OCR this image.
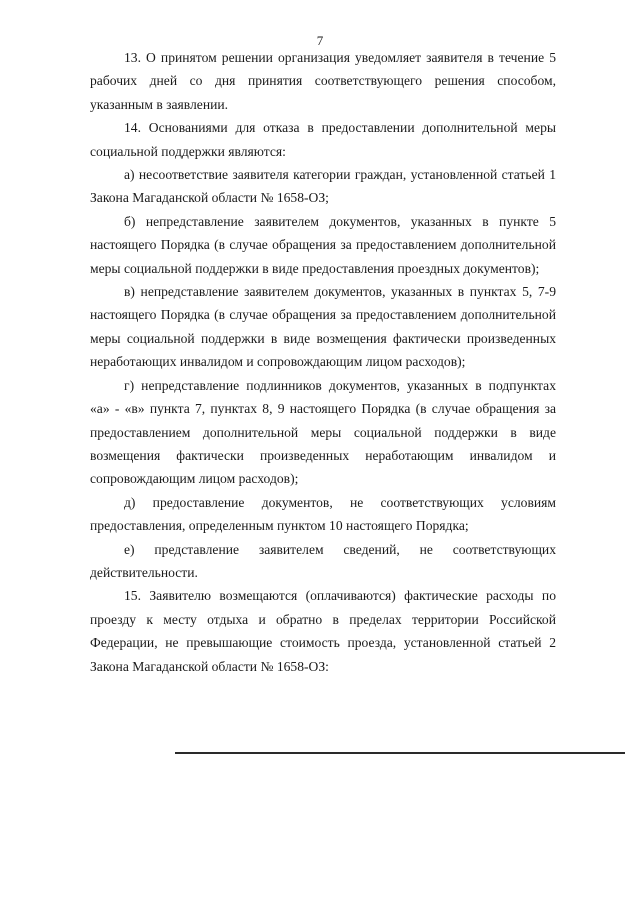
7

13. О принятом решении организация уведомляет заявителя в течение 5 рабочих дней со дня принятия соответствующего решения способом, указанным в заявлении.

14. Основаниями для отказа в предоставлении дополнительной меры социальной поддержки являются:

а) несоответствие заявителя категории граждан, установленной статьей 1 Закона Магаданской области № 1658-ОЗ;

б) непредставление заявителем документов, указанных в пункте 5 настоящего Порядка (в случае обращения за предоставлением дополнительной меры социальной поддержки в виде предоставления проездных документов);

в) непредставление заявителем документов, указанных в пунктах 5, 7-9 настоящего Порядка (в случае обращения за предоставлением дополнительной меры социальной поддержки в виде возмещения фактически произведенных неработающих инвалидом и сопровождающим лицом расходов);

г) непредставление подлинников документов, указанных в подпунктах «а» - «в» пункта 7, пунктах 8, 9 настоящего Порядка (в случае обращения за предоставлением дополнительной меры социальной поддержки в виде возмещения фактически произведенных неработающим инвалидом и сопровождающим лицом расходов);

д) предоставление документов, не соответствующих условиям предоставления, определенным пунктом 10 настоящего Порядка;

е) представление заявителем сведений, не соответствующих действительности.

15. Заявителю возмещаются (оплачиваются) фактические расходы по проезду к месту отдыха и обратно в пределах территории Российской Федерации, не превышающие стоимость проезда, установленной статьей 2 Закона Магаданской области № 1658-ОЗ:
